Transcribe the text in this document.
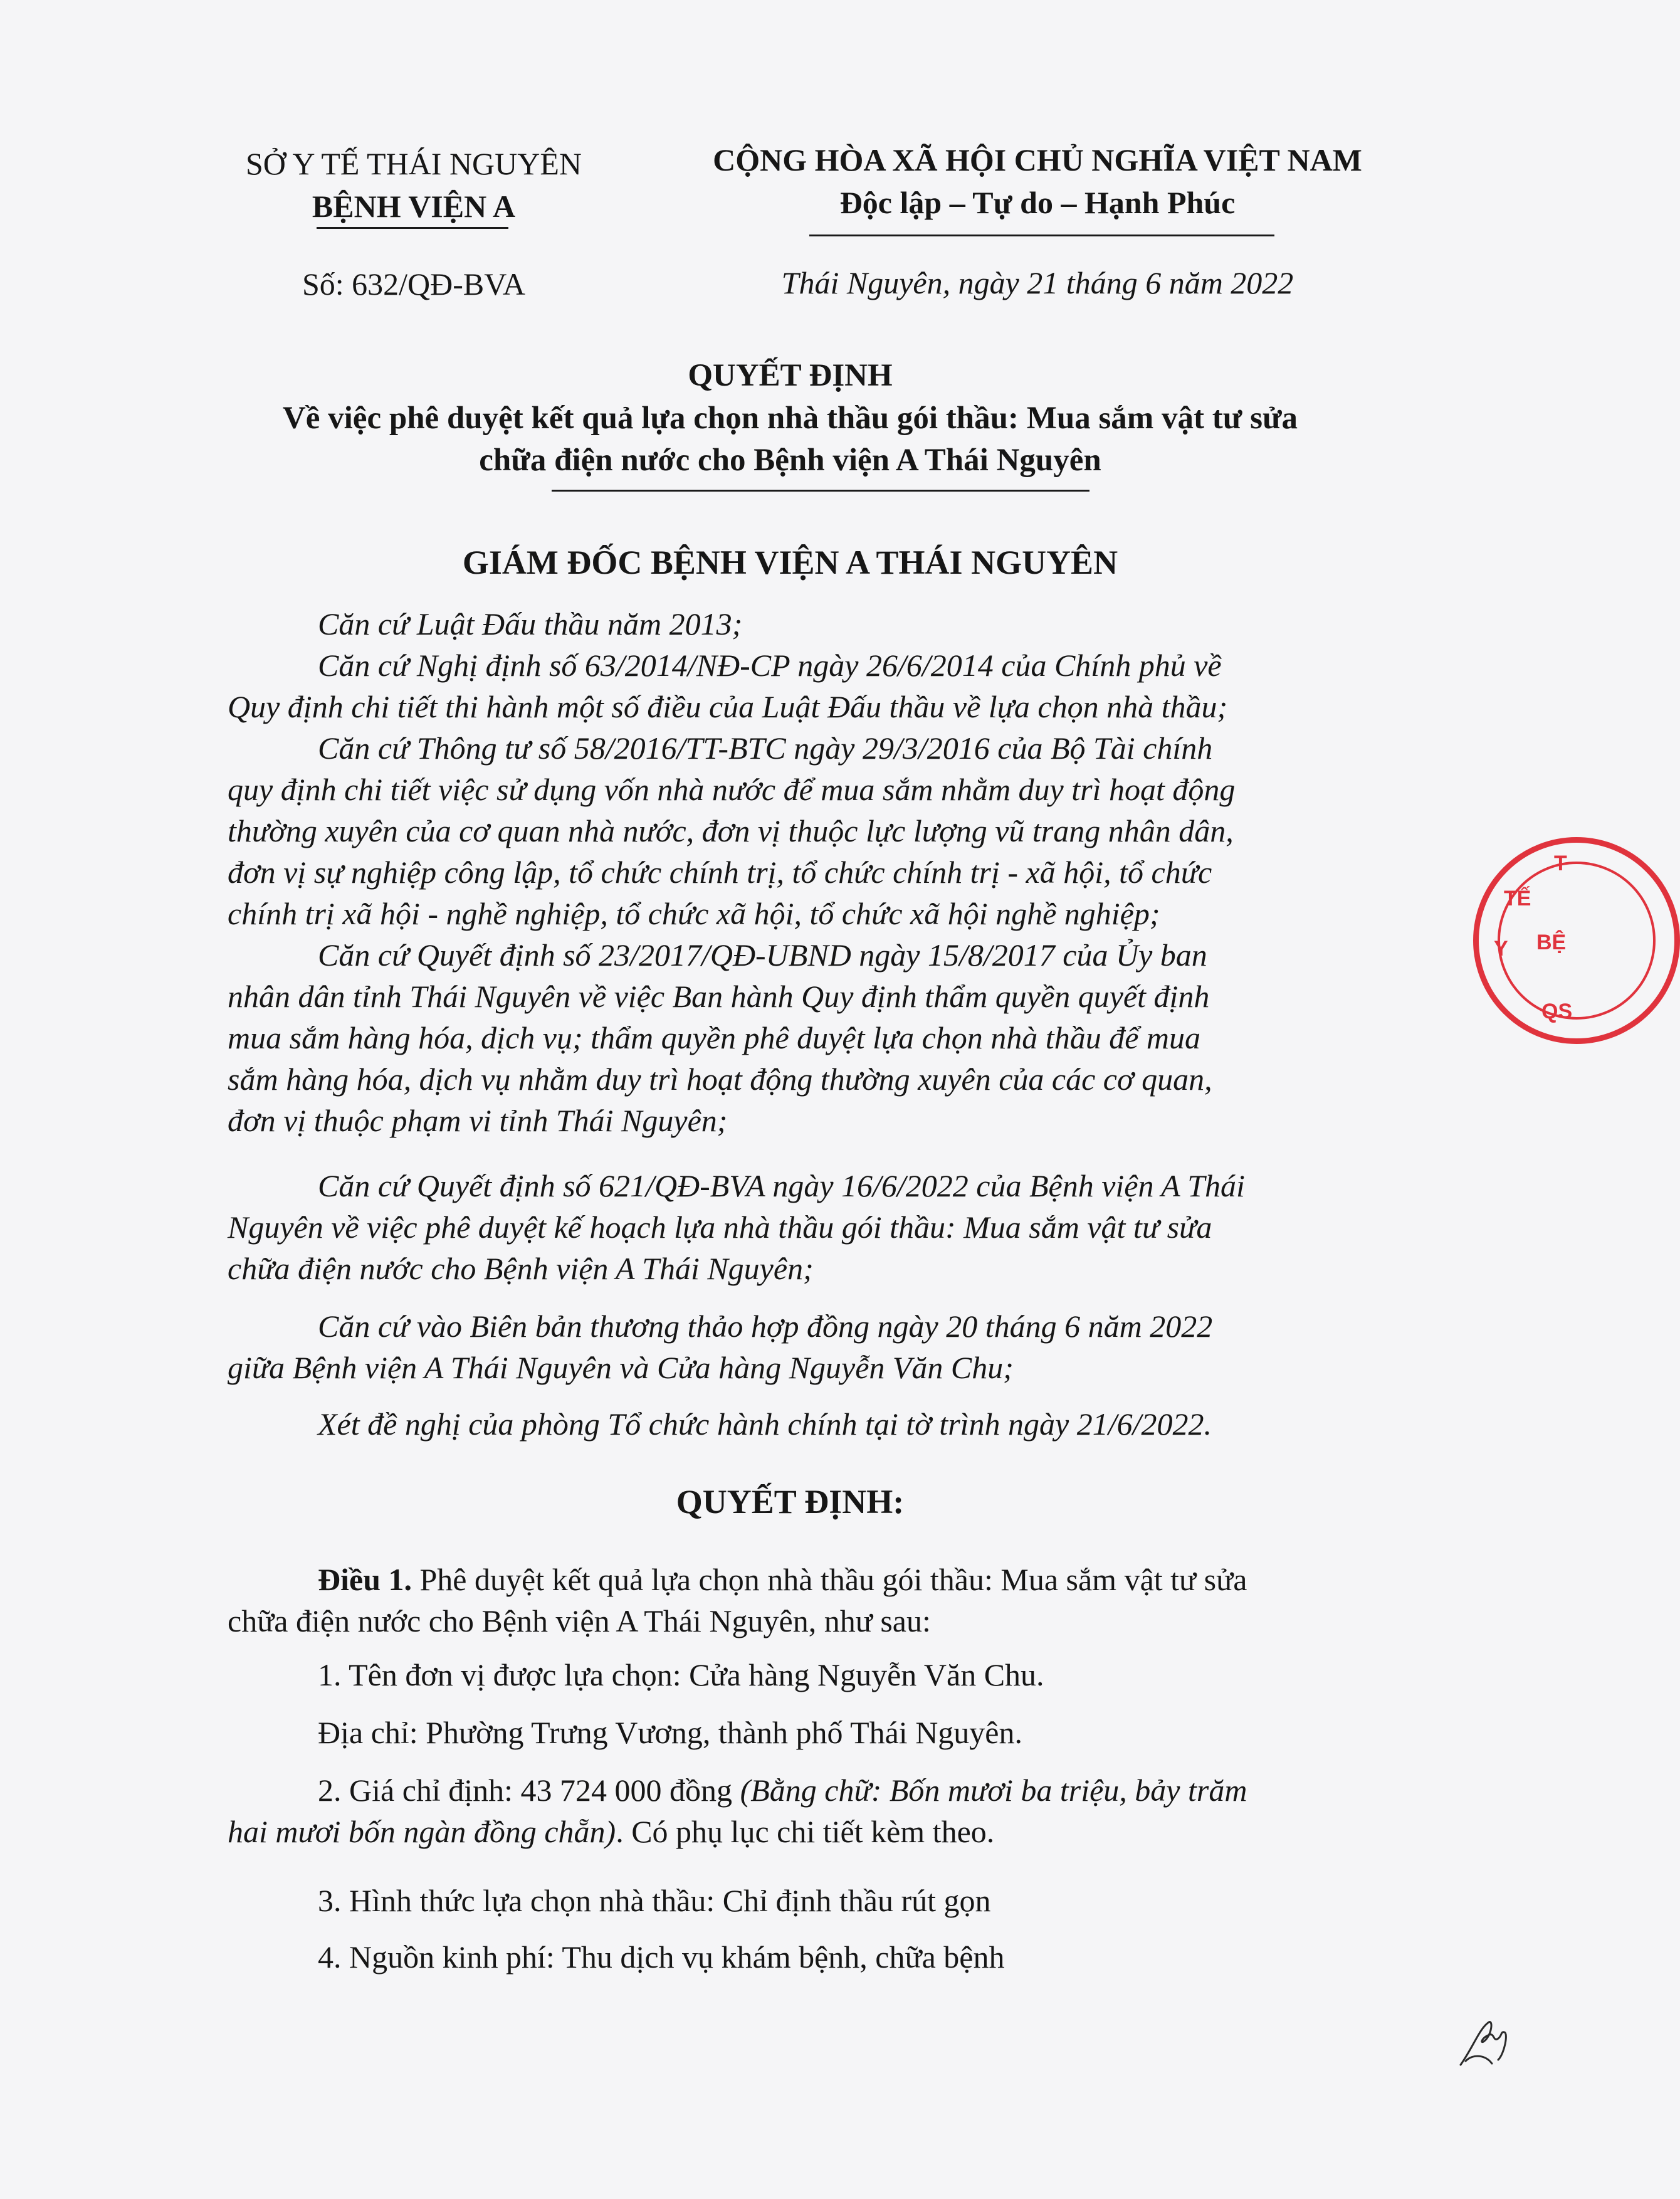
SỞ Y TẾ THÁI NGUYÊN
BỆNH VIỆN A
Số: 632/QĐ-BVA
CỘNG HÒA XÃ HỘI CHỦ NGHĨA VIỆT NAM
Độc lập – Tự do – Hạnh Phúc
Thái Nguyên, ngày 21 tháng 6 năm 2022
QUYẾT ĐỊNH
Về việc phê duyệt kết quả lựa chọn nhà thầu gói thầu: Mua sắm vật tư sửa
chữa điện nước cho Bệnh viện A Thái Nguyên
GIÁM ĐỐC BỆNH VIỆN A THÁI NGUYÊN
Căn cứ Luật Đấu thầu năm 2013;
Căn cứ Nghị định số 63/2014/NĐ-CP ngày 26/6/2014 của Chính phủ về
Quy định chi tiết thi hành một số điều của Luật Đấu thầu về lựa chọn nhà thầu;
Căn cứ Thông tư số 58/2016/TT-BTC ngày 29/3/2016 của Bộ Tài chính
quy định chi tiết việc sử dụng vốn nhà nước để mua sắm nhằm duy trì hoạt động
thường xuyên của cơ quan nhà nước, đơn vị thuộc lực lượng vũ trang nhân dân,
đơn vị sự nghiệp công lập, tổ chức chính trị, tổ chức chính trị - xã hội, tổ chức
chính trị xã hội - nghề nghiệp, tổ chức xã hội, tổ chức xã hội nghề nghiệp;
Căn cứ Quyết định số 23/2017/QĐ-UBND ngày 15/8/2017 của Ủy ban
nhân dân tỉnh Thái Nguyên về việc Ban hành Quy định thẩm quyền quyết định
mua sắm hàng hóa, dịch vụ; thẩm quyền phê duyệt lựa chọn nhà thầu để mua
sắm hàng hóa, dịch vụ nhằm duy trì hoạt động thường xuyên của các cơ quan,
đơn vị thuộc phạm vi tỉnh Thái Nguyên;
Căn cứ Quyết định số 621/QĐ-BVA ngày 16/6/2022 của Bệnh viện A Thái
Nguyên về việc phê duyệt kế hoạch lựa nhà thầu gói thầu: Mua sắm vật tư sửa
chữa điện nước cho Bệnh viện A Thái Nguyên;
Căn cứ vào Biên bản thương thảo hợp đồng ngày 20 tháng 6 năm 2022
giữa Bệnh viện A Thái Nguyên và Cửa hàng Nguyễn Văn Chu;
Xét đề nghị của phòng Tổ chức hành chính tại tờ trình ngày 21/6/2022.
QUYẾT ĐỊNH:
Điều 1. Phê duyệt kết quả lựa chọn nhà thầu gói thầu: Mua sắm vật tư sửa
chữa điện nước cho Bệnh viện A Thái Nguyên, như sau:
1. Tên đơn vị được lựa chọn: Cửa hàng Nguyễn Văn Chu.
Địa chỉ: Phường Trưng Vương, thành phố Thái Nguyên.
2. Giá chỉ định: 43 724 000 đồng (Bằng chữ: Bốn mươi ba triệu, bảy trăm
hai mươi bốn ngàn đồng chẵn). Có phụ lục chi tiết kèm theo.
3. Hình thức lựa chọn nhà thầu: Chỉ định thầu rút gọn
4. Nguồn kinh phí: Thu dịch vụ khám bệnh, chữa bệnh
Y
TẾ
T
BỆ
QS
